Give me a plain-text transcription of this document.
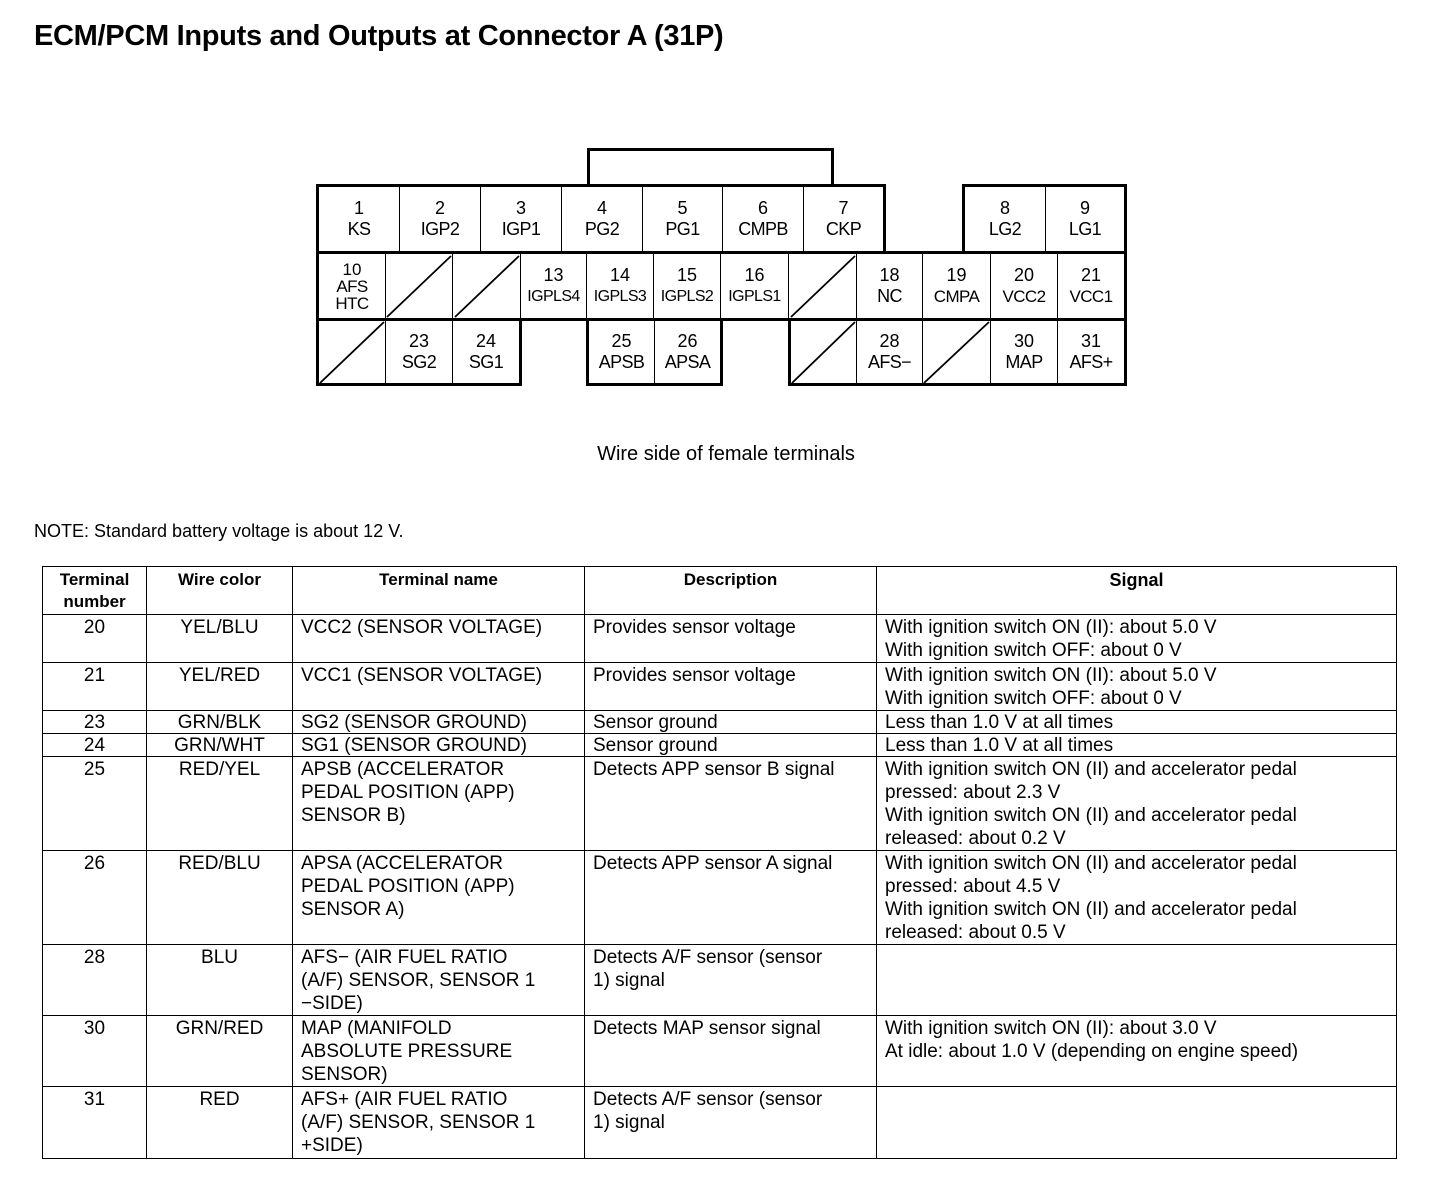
ECM/PCM Inputs and Outputs at Connector A (31P)
1
KS
2
IGP2
3
IGP1
4
PG2
5
PG1
6
CMPB
7
CKP
8
LG2
9
LG1
10
AFS HTC
13
IGPLS4
14
IGPLS3
15
IGPLS2
16
IGPLS1
18
NC
19
CMPA
20
VCC2
21
VCC1
23
SG2
24
SG1
25
APSB
26
APSA
28
AFS−
30
MAP
31
AFS+
Wire side of female terminals
NOTE: Standard battery voltage is about 12 V.
Terminal number	Wire color	Terminal name	Description	Signal
20	YEL/BLU	VCC2 (SENSOR VOLTAGE)	Provides sensor voltage	With ignition switch ON (II): about 5.0 V
With ignition switch OFF: about 0 V
21	YEL/RED	VCC1 (SENSOR VOLTAGE)	Provides sensor voltage	With ignition switch ON (II): about 5.0 V
With ignition switch OFF: about 0 V
23	GRN/BLK	SG2 (SENSOR GROUND)	Sensor ground	Less than 1.0 V at all times
24	GRN/WHT	SG1 (SENSOR GROUND)	Sensor ground	Less than 1.0 V at all times
25	RED/YEL	APSB (ACCELERATOR
PEDAL POSITION (APP)
SENSOR B)	Detects APP sensor B signal	With ignition switch ON (II) and accelerator pedal
pressed: about 2.3 V
With ignition switch ON (II) and accelerator pedal
released: about 0.2 V
26	RED/BLU	APSA (ACCELERATOR
PEDAL POSITION (APP)
SENSOR A)	Detects APP sensor A signal	With ignition switch ON (II) and accelerator pedal
pressed: about 4.5 V
With ignition switch ON (II) and accelerator pedal
released: about 0.5 V
28	BLU	AFS− (AIR FUEL RATIO
(A/F) SENSOR, SENSOR 1
−SIDE)	Detects A/F sensor (sensor
1) signal	
30	GRN/RED	MAP (MANIFOLD
ABSOLUTE PRESSURE
SENSOR)	Detects MAP sensor signal	With ignition switch ON (II): about 3.0 V
At idle: about 1.0 V (depending on engine speed)
31	RED	AFS+ (AIR FUEL RATIO
(A/F) SENSOR, SENSOR 1
+SIDE)	Detects A/F sensor (sensor
1) signal	
